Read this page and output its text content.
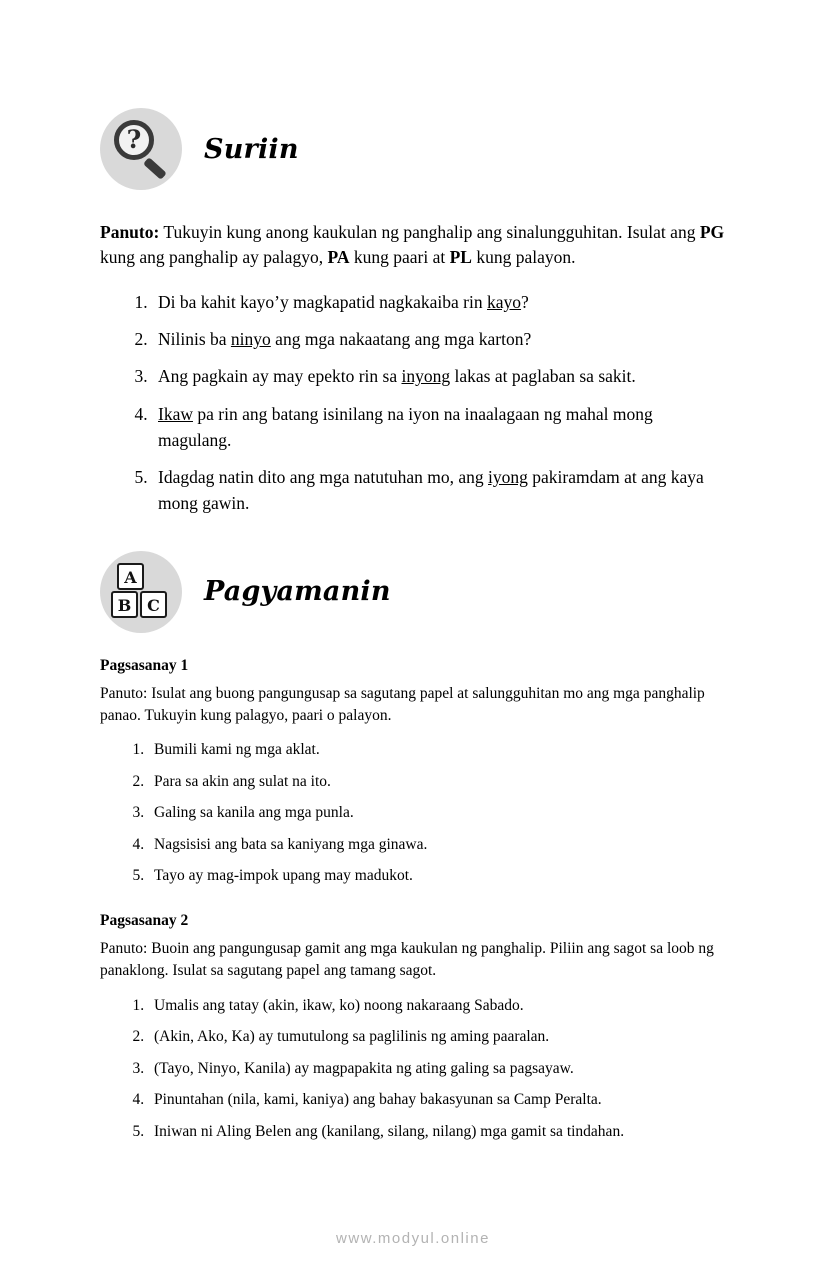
?	Suriin
Panuto: Tukuyin kung anong kaukulan ng panghalip ang sinalungguhitan. Isulat ang PG kung ang panghalip ay palagyo, PA kung paari at PL kung palayon.
1. Di ba kahit kayo’y magkapatid nagkakaiba rin kayo?
2. Nilinis ba ninyo ang mga nakaatang ang mga karton?
3. Ang pagkain ay may epekto rin sa inyong lakas at paglaban sa sakit.
4. Ikaw pa rin ang batang isinilang na iyon na inaalagaan ng mahal mong magulang.
5. Idagdag natin dito ang mga natutuhan mo, ang iyong pakiramdam at ang kaya mong gawin.
A
B C Pagyamanin
Pagsasanay 1
Panuto: Isulat ang buong pangungusap sa sagutang papel at salungguhitan mo ang mga panghalip panao. Tukuyin kung palagyo, paari o palayon.
1. Bumili kami ng mga aklat.
2. Para sa akin ang sulat na ito.
3. Galing sa kanila ang mga punla.
4. Nagsisisi ang bata sa kaniyang mga ginawa.
5. Tayo ay mag-impok upang may madukot.
Pagsasanay 2
Panuto: Buoin ang pangungusap gamit ang mga kaukulan ng panghalip. Piliin ang sagot sa loob ng panaklong. Isulat sa sagutang papel ang tamang sagot.
1. Umalis ang tatay (akin, ikaw, ko) noong nakaraang Sabado.
2. (Akin, Ako, Ka) ay tumutulong sa paglilinis ng aming paaralan.
3. (Tayo, Ninyo, Kanila) ay magpapakita ng ating galing sa pagsayaw.
4. Pinuntahan (nila, kami, kaniya) ang bahay bakasyunan sa Camp Peralta.
5. Iniwan ni Aling Belen ang (kanilang, silang, nilang) mga gamit sa tindahan.
www.modyul.online
